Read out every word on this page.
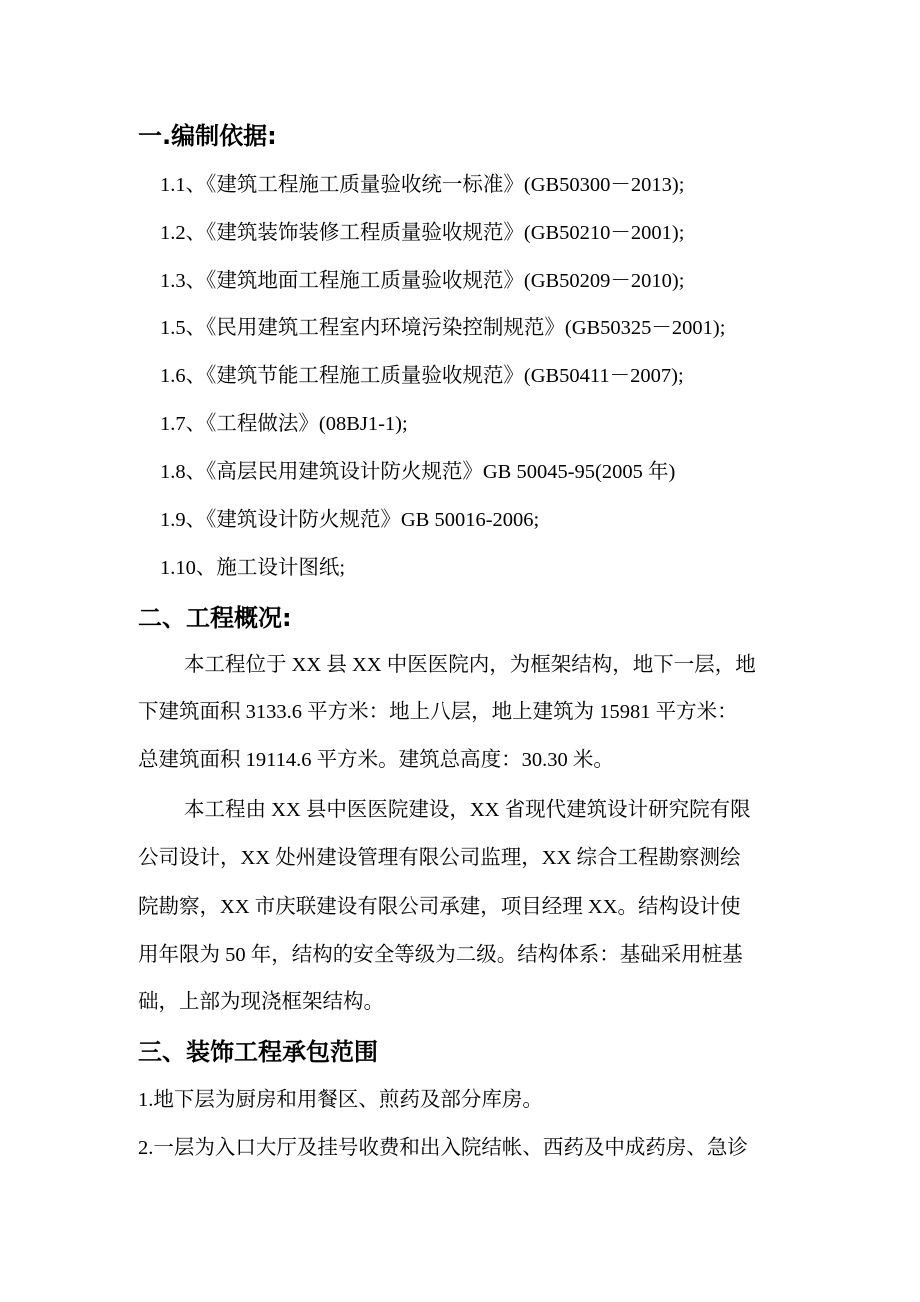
一.编制依据:
1.1、《建筑工程施工质量验收统一标准》(GB50300－2013);
1.2、《建筑装饰装修工程质量验收规范》(GB50210－2001);
1.3、《建筑地面工程施工质量验收规范》(GB50209－2010);
1.5、《民用建筑工程室内环境污染控制规范》(GB50325－2001);
1.6、《建筑节能工程施工质量验收规范》(GB50411－2007);
1.7、《工程做法》(08BJ1-1);
1.8、《高层民用建筑设计防火规范》GB 50045-95(2005 年)
1.9、《建筑设计防火规范》GB 50016-2006;
1.10、施工设计图纸;
二、工程概况:
本工程位于 XX 县 XX 中医医院内，为框架结构，地下一层，地
下建筑面积 3133.6 平方米：地上八层，地上建筑为 15981 平方米：
总建筑面积 19114.6 平方米。建筑总高度：30.30 米。
本工程由 XX 县中医医院建设，XX 省现代建筑设计研究院有限
公司设计，XX 处州建设管理有限公司监理，XX 综合工程勘察测绘
院勘察，XX 市庆联建设有限公司承建，项目经理 XX。结构设计使
用年限为 50 年，结构的安全等级为二级。结构体系：基础采用桩基
础，上部为现浇框架结构。
三、装饰工程承包范围
1.地下层为厨房和用餐区、煎药及部分库房。
2.一层为入口大厅及挂号收费和出入院结帐、西药及中成药房、急诊
